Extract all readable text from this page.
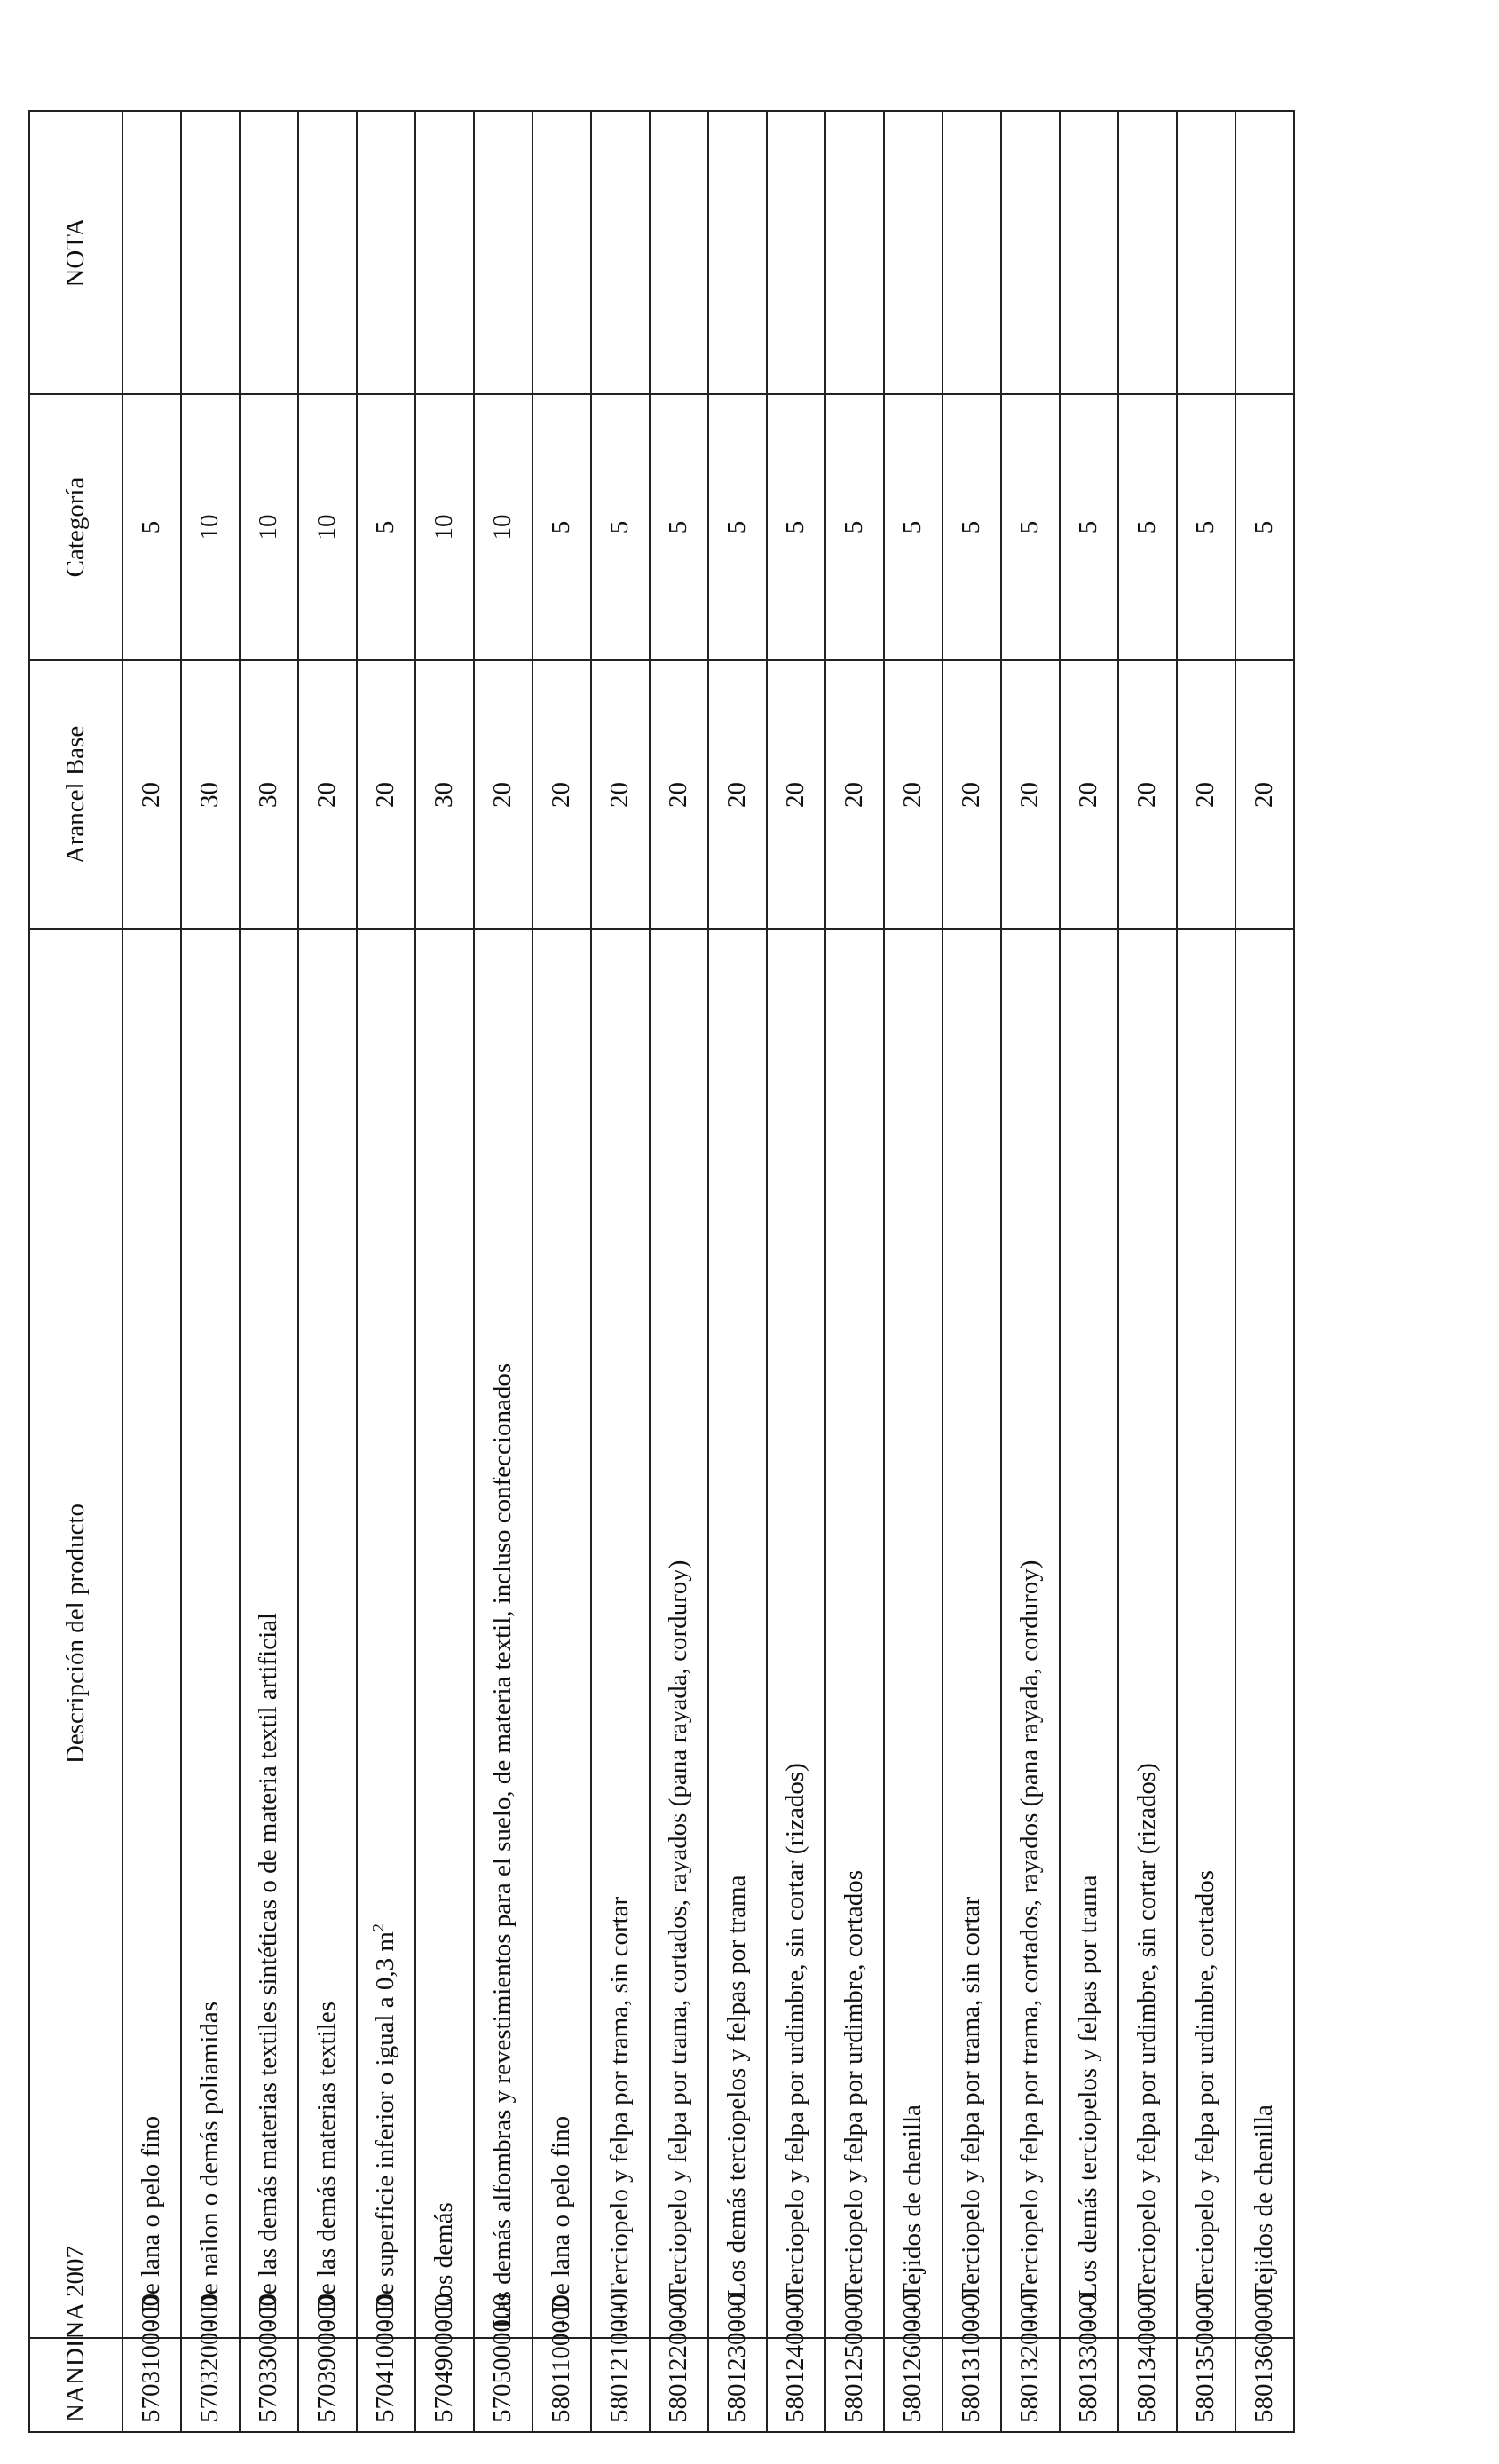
NANDINA 2007	Descripción del producto	Arancel Base	Categoría	NOTA
5703100000	- De lana o pelo fino	20	5	
5703200000	- De nailon o demás poliamidas	30	10	
5703300000	- De las demás materias textiles sintéticas o de materia textil artificial	30	10	
5703900000	- De las demás materias textiles	20	10	
5704100000	- De superficie inferior o igual a 0,3 $m^2$	20	5	
5704900000	- Los demás	30	10	
5705000000	Las demás alfombras y revestimientos para el suelo, de materia textil, incluso confeccionados	20	10	
5801100000	- De lana o pelo fino	20	5	
5801210000	- - Terciopelo y felpa por trama, sin cortar	20	5	
5801220000	- - Terciopelo y felpa por trama, cortados, rayados (pana rayada, corduroy)	20	5	
5801230000	- - Los demás terciopelos y felpas por trama	20	5	
5801240000	- - Terciopelo y felpa por urdimbre, sin cortar (rizados)	20	5	
5801250000	- - Terciopelo y felpa por urdimbre, cortados	20	5	
5801260000	- - Tejidos de chenilla	20	5	
5801310000	- - Terciopelo y felpa por trama, sin cortar	20	5	
5801320000	- - Terciopelo y felpa por trama, cortados, rayados (pana rayada, corduroy)	20	5	
5801330000	- - Los demás terciopelos y felpas por trama	20	5	
5801340000	- - Terciopelo y felpa por urdimbre, sin cortar (rizados)	20	5	
5801350000	- - Terciopelo y felpa por urdimbre, cortados	20	5	
5801360000	- - Tejidos de chenilla	20	5	
